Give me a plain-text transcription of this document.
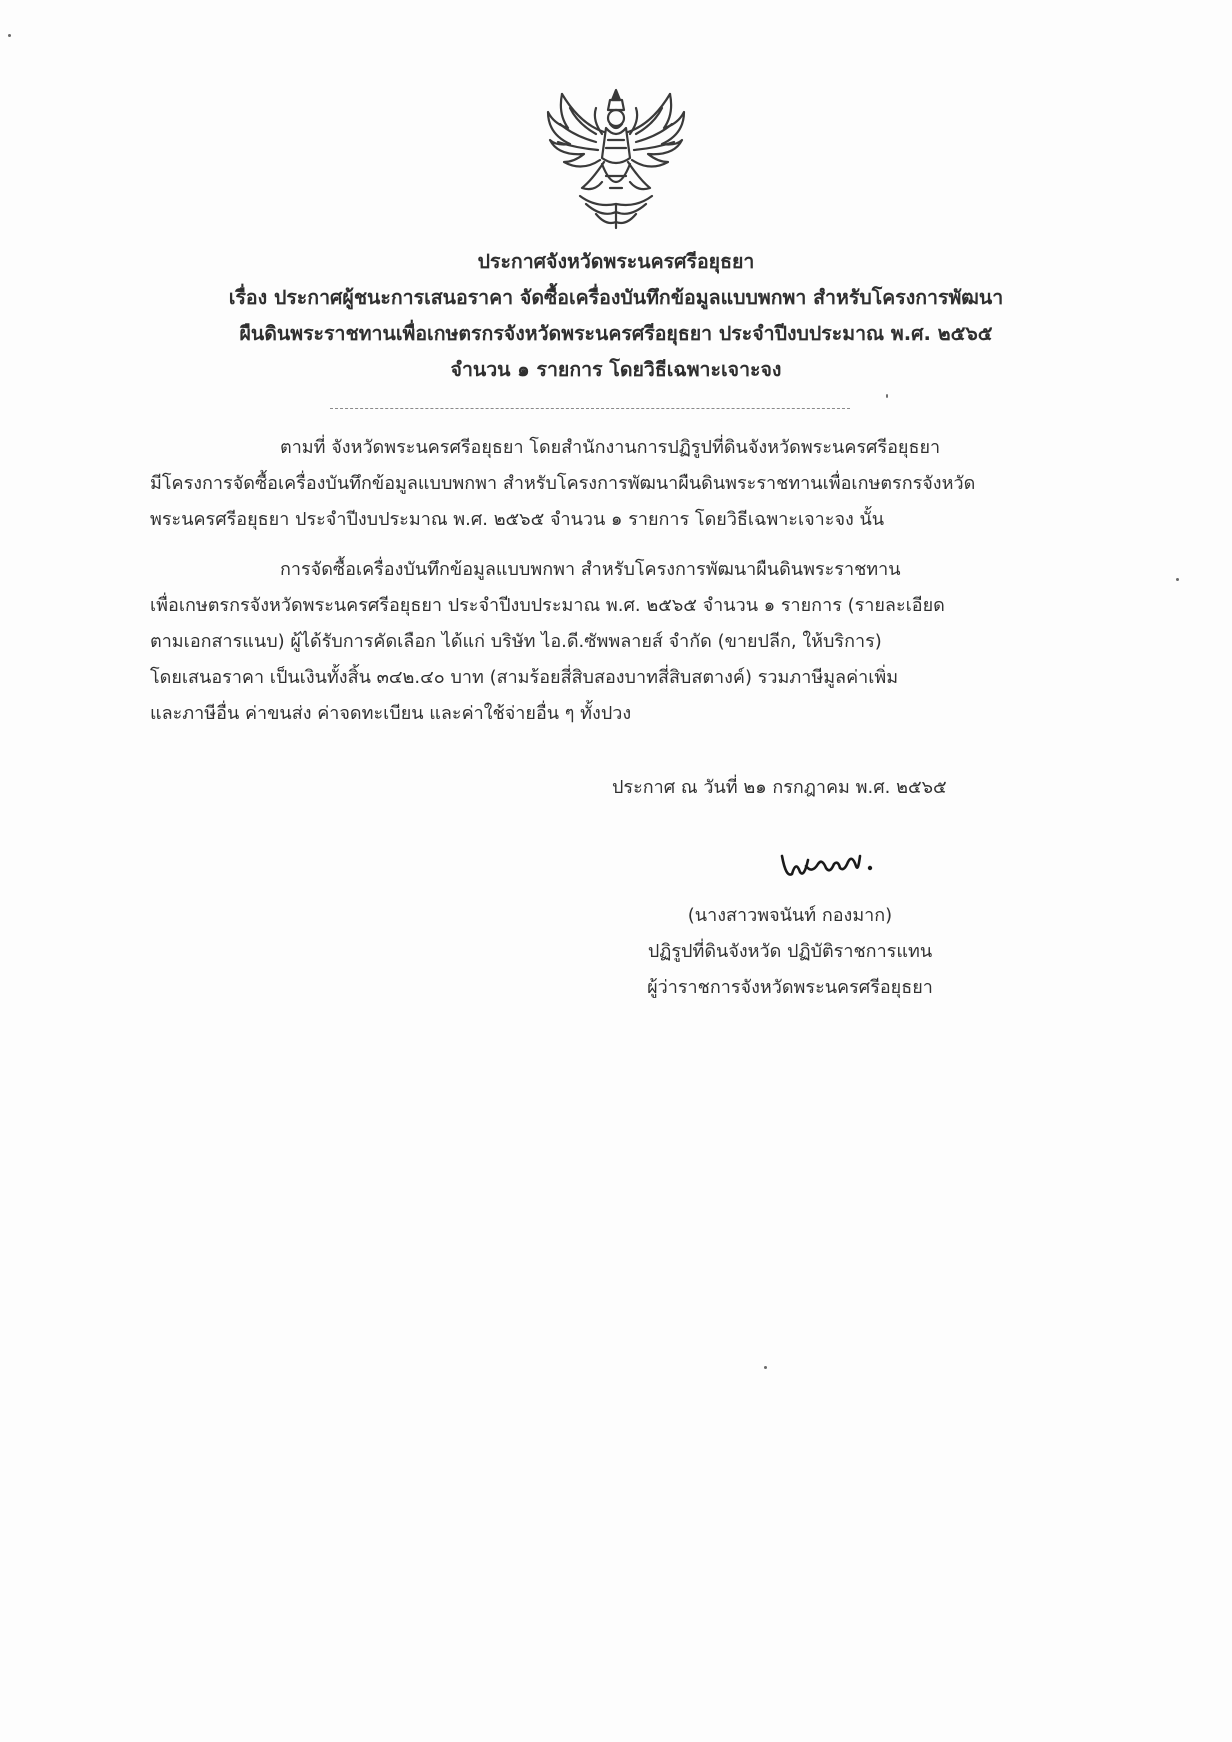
ประกาศจังหวัดพระนครศรีอยุธยา
เรื่อง ประกาศผู้ชนะการเสนอราคา จัดซื้อเครื่องบันทึกข้อมูลแบบพกพา สำหรับโครงการพัฒนา
ผืนดินพระราชทานเพื่อเกษตรกรจังหวัดพระนครศรีอยุธยา ประจำปีงบประมาณ พ.ศ. ๒๕๖๕
จำนวน ๑ รายการ โดยวิธีเฉพาะเจาะจง
ตามที่ จังหวัดพระนครศรีอยุธยา โดยสำนักงานการปฏิรูปที่ดินจังหวัดพระนครศรีอยุธยา
มีโครงการจัดซื้อเครื่องบันทึกข้อมูลแบบพกพา สำหรับโครงการพัฒนาผืนดินพระราชทานเพื่อเกษตรกรจังหวัด
พระนครศรีอยุธยา ประจำปีงบประมาณ พ.ศ. ๒๕๖๕ จำนวน ๑ รายการ โดยวิธีเฉพาะเจาะจง นั้น
การจัดซื้อเครื่องบันทึกข้อมูลแบบพกพา สำหรับโครงการพัฒนาผืนดินพระราชทาน
เพื่อเกษตรกรจังหวัดพระนครศรีอยุธยา ประจำปีงบประมาณ พ.ศ. ๒๕๖๕ จำนวน ๑ รายการ (รายละเอียด
ตามเอกสารแนบ) ผู้ได้รับการคัดเลือก ได้แก่ บริษัท ไอ.ดี.ซัพพลายส์ จำกัด (ขายปลีก, ให้บริการ)
โดยเสนอราคา เป็นเงินทั้งสิ้น ๓๔๒.๔๐ บาท (สามร้อยสี่สิบสองบาทสี่สิบสตางค์) รวมภาษีมูลค่าเพิ่ม
และภาษีอื่น ค่าขนส่ง ค่าจดทะเบียน และค่าใช้จ่ายอื่น ๆ ทั้งปวง
ประกาศ ณ วันที่ ๒๑ กรกฎาคม พ.ศ. ๒๕๖๕
(นางสาวพจนันท์ กองมาก)
ปฏิรูปที่ดินจังหวัด ปฏิบัติราชการแทน
ผู้ว่าราชการจังหวัดพระนครศรีอยุธยา
